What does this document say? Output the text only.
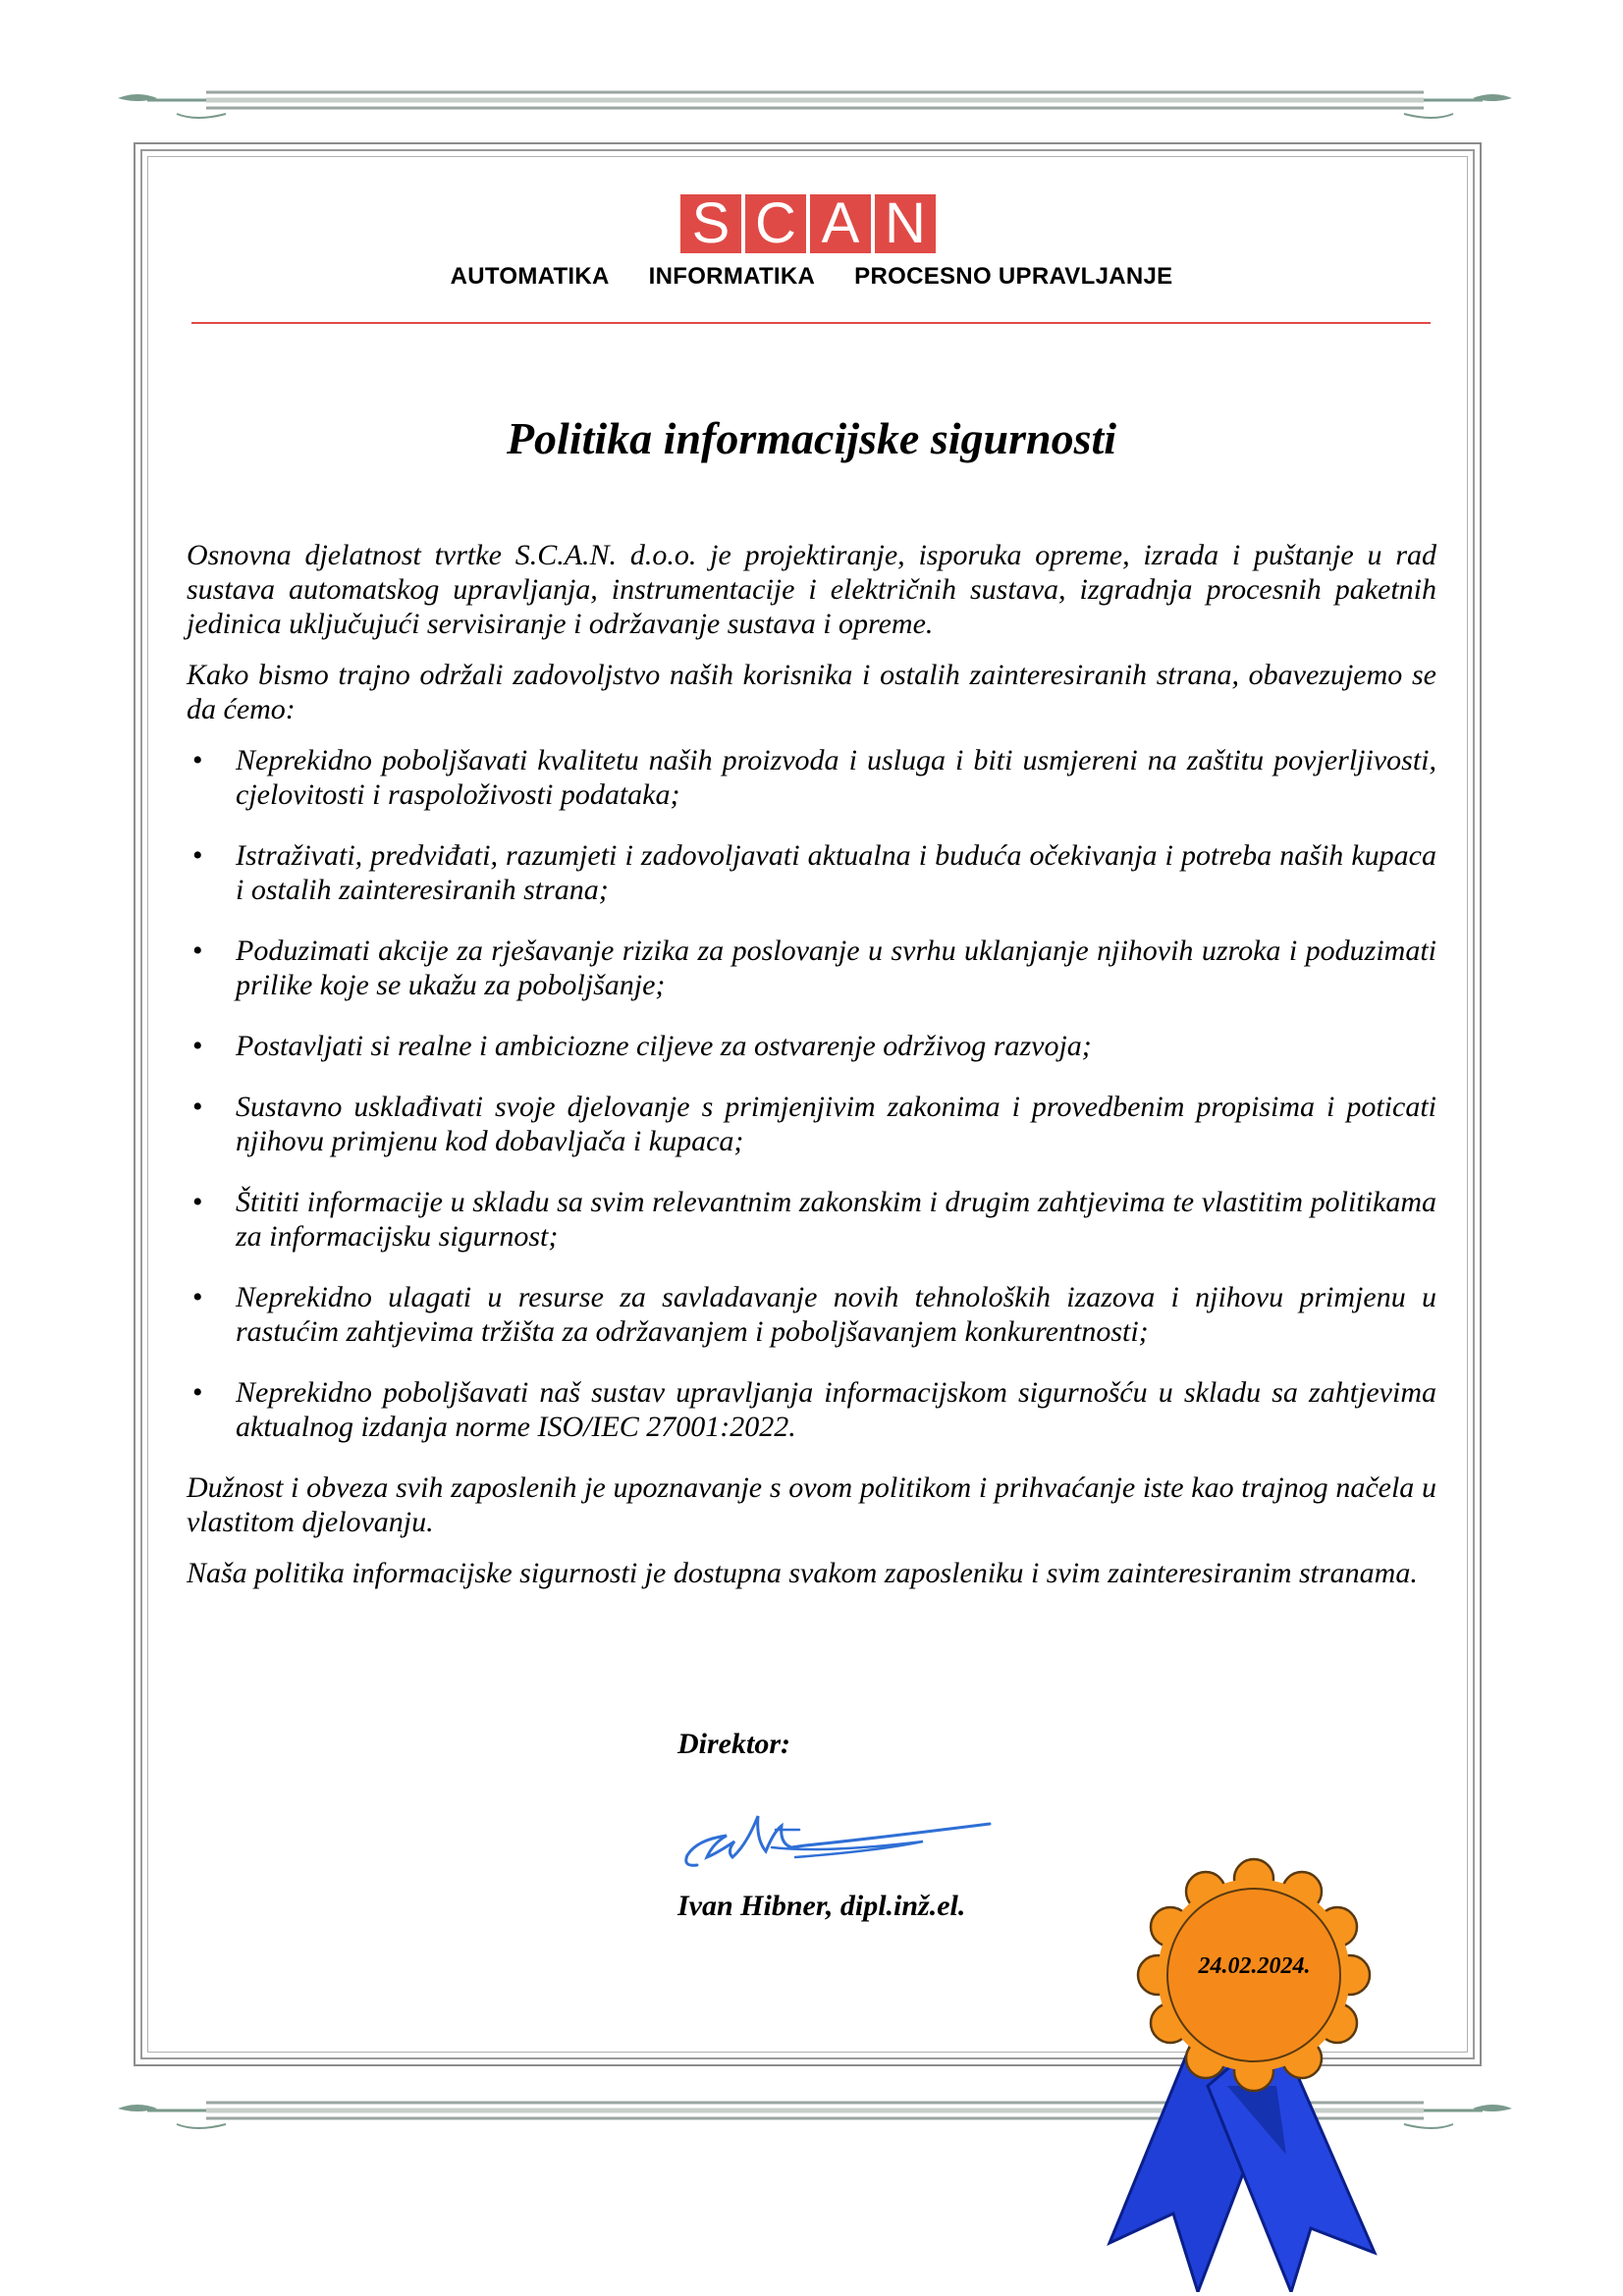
S C A N
AUTOMATIKA INFORMATIKA PROCESNO UPRAVLJANJE
Politika informacijske sigurnosti

Osnovna djelatnost tvrtke S.C.A.N. d.o.o. je projektiranje, isporuka opreme, izrada i puštanje u rad sustava automatskog upravljanja, instrumentacije i električnih sustava, izgradnja procesnih paketnih jedinica uključujući servisiranje i održavanje sustava i opreme.

Kako bismo trajno održali zadovoljstvo naših korisnika i ostalih zainteresiranih strana, obavezujemo se da ćemo:

• Neprekidno poboljšavati kvalitetu naših proizvoda i usluga i biti usmjereni na zaštitu povjerljivosti, cjelovitosti i raspoloživosti podataka;
• Istraživati, predviđati, razumjeti i zadovoljavati aktualna i buduća očekivanja i potreba naših kupaca i ostalih zainteresiranih strana;
• Poduzimati akcije za rješavanje rizika za poslovanje u svrhu uklanjanje njihovih uzroka i poduzimati prilike koje se ukažu za poboljšanje;
• Postavljati si realne i ambiciozne ciljeve za ostvarenje održivog razvoja;
• Sustavno usklađivati svoje djelovanje s primjenjivim zakonima i provedbenim propisima i poticati njihovu primjenu kod dobavljača i kupaca;
• Štititi informacije u skladu sa svim relevantnim zakonskim i drugim zahtjevima te vlastitim politikama za informacijsku sigurnost;
• Neprekidno ulagati u resurse za savladavanje novih tehnoloških izazova i njihovu primjenu u rastućim zahtjevima tržišta za održavanjem i poboljšavanjem konkurentnosti;
• Neprekidno poboljšavati naš sustav upravljanja informacijskom sigurnošću u skladu sa zahtjevima aktualnog izdanja norme ISO/IEC 27001:2022.

Dužnost i obveza svih zaposlenih je upoznavanje s ovom politikom i prihvaćanje iste kao trajnog načela u vlastitom djelovanju.

Naša politika informacijske sigurnosti je dostupna svakom zaposleniku i svim zainteresiranim stranama.

Direktor:
Ivan Hibner, dipl.inž.el.
24.02.2024.
